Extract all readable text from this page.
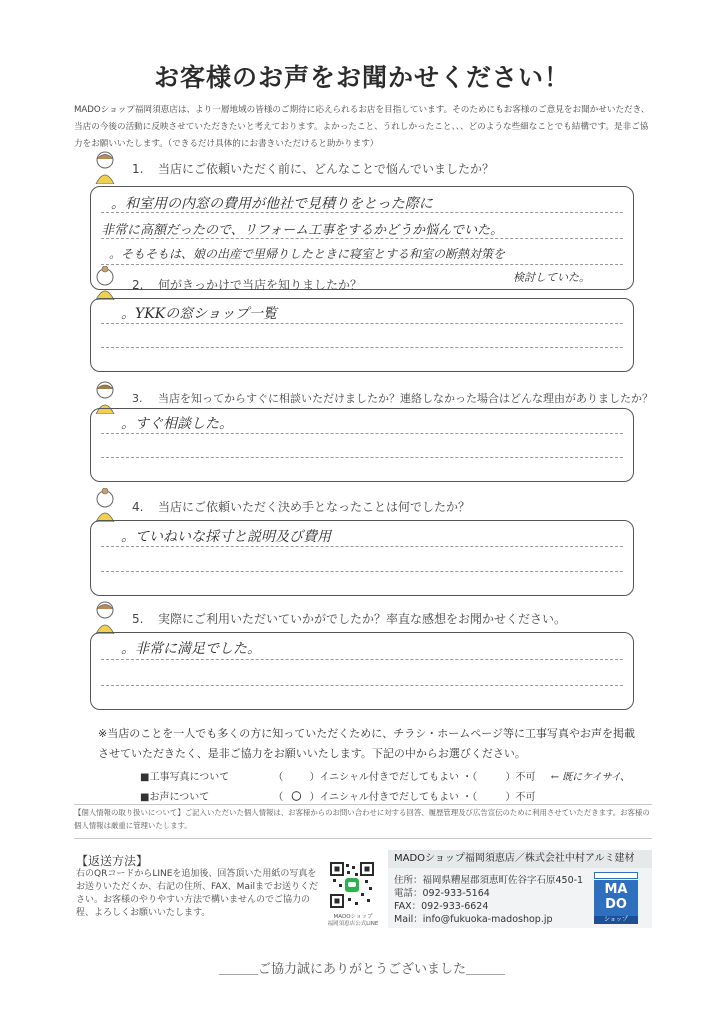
お客様のお声をお聞かせください！
MADOショップ福岡須恵店は、より一層地域の皆様のご期待に応えられるお店を目指しています。そのためにもお客様のご意見をお聞かせいただき、当店の今後の活動に反映させていただきたいと考えております。よかったこと、うれしかったこと、、、どのような些細なことでも結構です。是非ご協力をお願いいたします。（できるだけ具体的にお書きいただけると助かります）
1. 当店にご依頼いただく前に、どんなことで悩んでいましたか？
。和室用の内窓の費用が他社で見積りをとった際に
非常に高額だったので、リフォーム工事をするかどうか悩んでいた。
。そもそもは、娘の出産で里帰りしたときに寝室とする和室の断熱対策を
検討していた。
2. 何がきっかけで当店を知りましたか？
。YKKの窓ショップ一覧
3. 当店を知ってからすぐに相談いただけましたか？連絡しなかった場合はどんな理由がありましたか？
。すぐ相談した。
4. 当店にご依頼いただく決め手となったことは何でしたか？
。ていねいな採寸と説明及び費用
5. 実際にご利用いただいていかがでしたか？率直な感想をお聞かせください。
。非常に満足でした。
※当店のことを一人でも多くの方に知っていただくために、チラシ・ホームページ等に工事写真やお声を掲載させていただきたく、是非ご協力をお願いいたします。下記の中からお選びください。
■工事写真について	（	）イニシャル付きでだしてもよい ・（	）不可 ← 既にケイサイ、
■お声について	（ 〇 ）イニシャル付きでだしてもよい ・（	）不可
【個人情報の取り扱いについて】ご記入いただいた個人情報は、お客様からのお問い合わせに対する回答、履歴管理及び広告宣伝のために利用させていただきます。お客様の個人情報は厳重に管理いたします。
【返送方法】
右のQRコードからLINEを追加後、回答頂いた用紙の写真をお送りいただくか、右記の住所、FAX、Mailまでお送りください。お客様のやりやすい方法で構いませんのでご協力の程、よろしくお願いいたします。	MADOショップ
福岡須恵店公式LINE
MADOショップ福岡須恵店／株式会社中村アルミ建材
住所：福岡県糟屋郡須恵町佐谷字石原450-1
電話：092-933-5164
FAX：092-933-6624
Mail：info@fukuoka-madoshop.jp
MA
DO
ショップ
＿＿＿ご協力誠にありがとうございました＿＿＿
